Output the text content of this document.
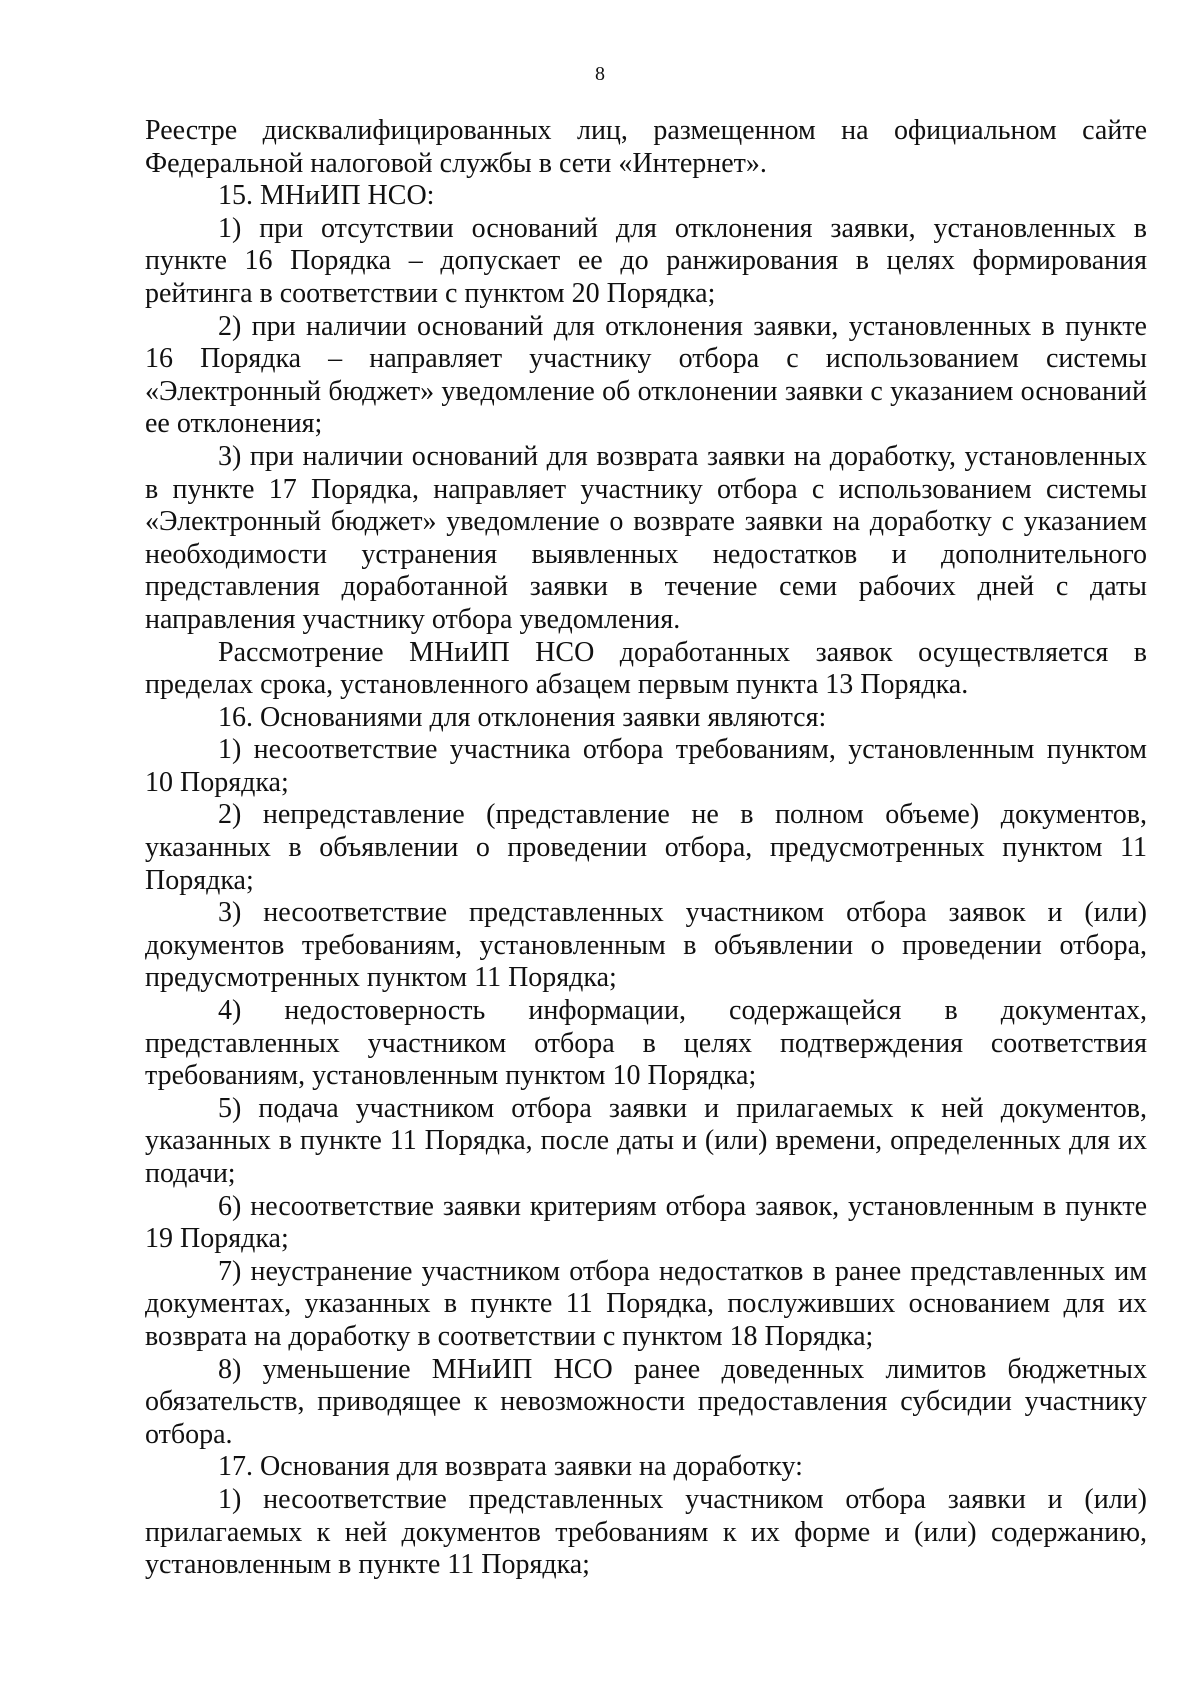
8

Реестре дисквалифицированных лиц, размещенном на официальном сайте Федеральной налоговой службы в сети «Интернет».

15. МНиИП НСО:

1) при отсутствии оснований для отклонения заявки, установленных в пункте 16 Порядка – допускает ее до ранжирования в целях формирования рейтинга в соответствии с пунктом 20 Порядка;

2) при наличии оснований для отклонения заявки, установленных в пункте 16 Порядка – направляет участнику отбора с использованием системы «Электронный бюджет» уведомление об отклонении заявки с указанием оснований ее отклонения;

3) при наличии оснований для возврата заявки на доработку, установленных в пункте 17 Порядка, направляет участнику отбора с использованием системы «Электронный бюджет» уведомление о возврате заявки на доработку с указанием необходимости устранения выявленных недостатков и дополнительного представления доработанной заявки в течение семи рабочих дней с даты направления участнику отбора уведомления.

Рассмотрение МНиИП НСО доработанных заявок осуществляется в пределах срока, установленного абзацем первым пункта 13 Порядка.

16. Основаниями для отклонения заявки являются:

1) несоответствие участника отбора требованиям, установленным пунктом 10 Порядка;

2) непредставление (представление не в полном объеме) документов, указанных в объявлении о проведении отбора, предусмотренных пунктом 11 Порядка;

3) несоответствие представленных участником отбора заявок и (или) документов требованиям, установленным в объявлении о проведении отбора, предусмотренных пунктом 11 Порядка;

4) недостоверность информации, содержащейся в документах, представленных участником отбора в целях подтверждения соответствия требованиям, установленным пунктом 10 Порядка;

5) подача участником отбора заявки и прилагаемых к ней документов, указанных в пункте 11 Порядка, после даты и (или) времени, определенных для их подачи;

6) несоответствие заявки критериям отбора заявок, установленным в пункте 19 Порядка;

7) неустранение участником отбора недостатков в ранее представленных им документах, указанных в пункте 11 Порядка, послуживших основанием для их возврата на доработку в соответствии с пунктом 18 Порядка;

8) уменьшение МНиИП НСО ранее доведенных лимитов бюджетных обязательств, приводящее к невозможности предоставления субсидии участнику отбора.

17. Основания для возврата заявки на доработку:

1) несоответствие представленных участником отбора заявки и (или) прилагаемых к ней документов требованиям к их форме и (или) содержанию, установленным в пункте 11 Порядка;
